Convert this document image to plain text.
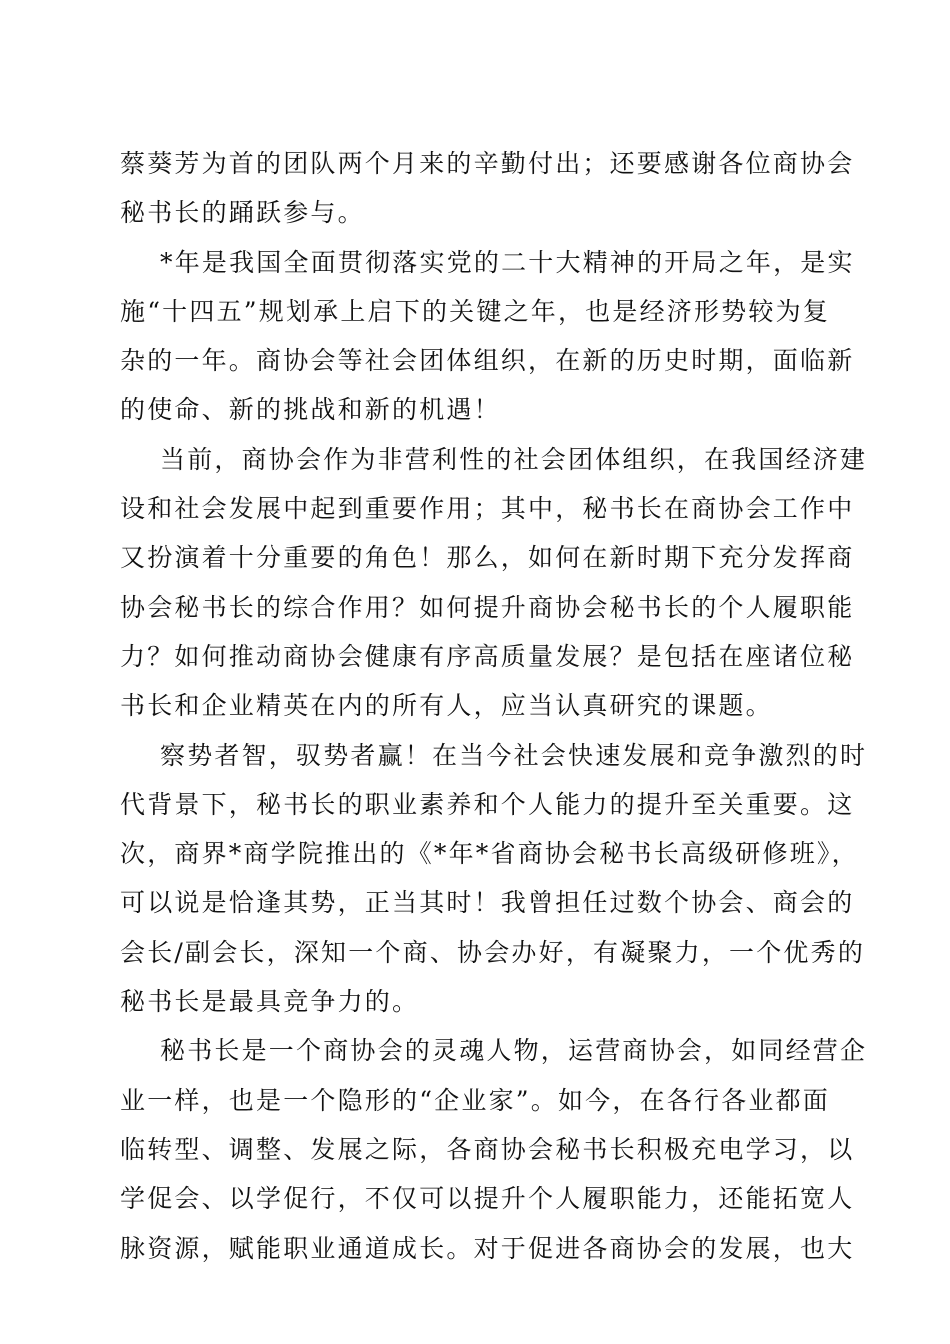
蔡葵芳为首的团队两个月来的辛勤付出；还要感谢各位商协会
秘书长的踊跃参与。
*年是我国全面贯彻落实党的二十大精神的开局之年，是实
施“十四五”规划承上启下的关键之年，也是经济形势较为复
杂的一年。商协会等社会团体组织，在新的历史时期，面临新
的使命、新的挑战和新的机遇！
当前，商协会作为非营利性的社会团体组织，在我国经济建
设和社会发展中起到重要作用；其中，秘书长在商协会工作中
又扮演着十分重要的角色！那么，如何在新时期下充分发挥商
协会秘书长的综合作用？如何提升商协会秘书长的个人履职能
力？如何推动商协会健康有序高质量发展？是包括在座诸位秘
书长和企业精英在内的所有人，应当认真研究的课题。
察势者智，驭势者赢！在当今社会快速发展和竞争激烈的时
代背景下，秘书长的职业素养和个人能力的提升至关重要。这
次，商界*商学院推出的《*年*省商协会秘书长高级研修班》，
可以说是恰逢其势，正当其时！我曾担任过数个协会、商会的
会长/副会长，深知一个商、协会办好，有凝聚力，一个优秀的
秘书长是最具竞争力的。
秘书长是一个商协会的灵魂人物，运营商协会，如同经营企
业一样，也是一个隐形的“企业家”。如今，在各行各业都面
临转型、调整、发展之际，各商协会秘书长积极充电学习，以
学促会、以学促行，不仅可以提升个人履职能力，还能拓宽人
脉资源，赋能职业通道成长。对于促进各商协会的发展，也大
